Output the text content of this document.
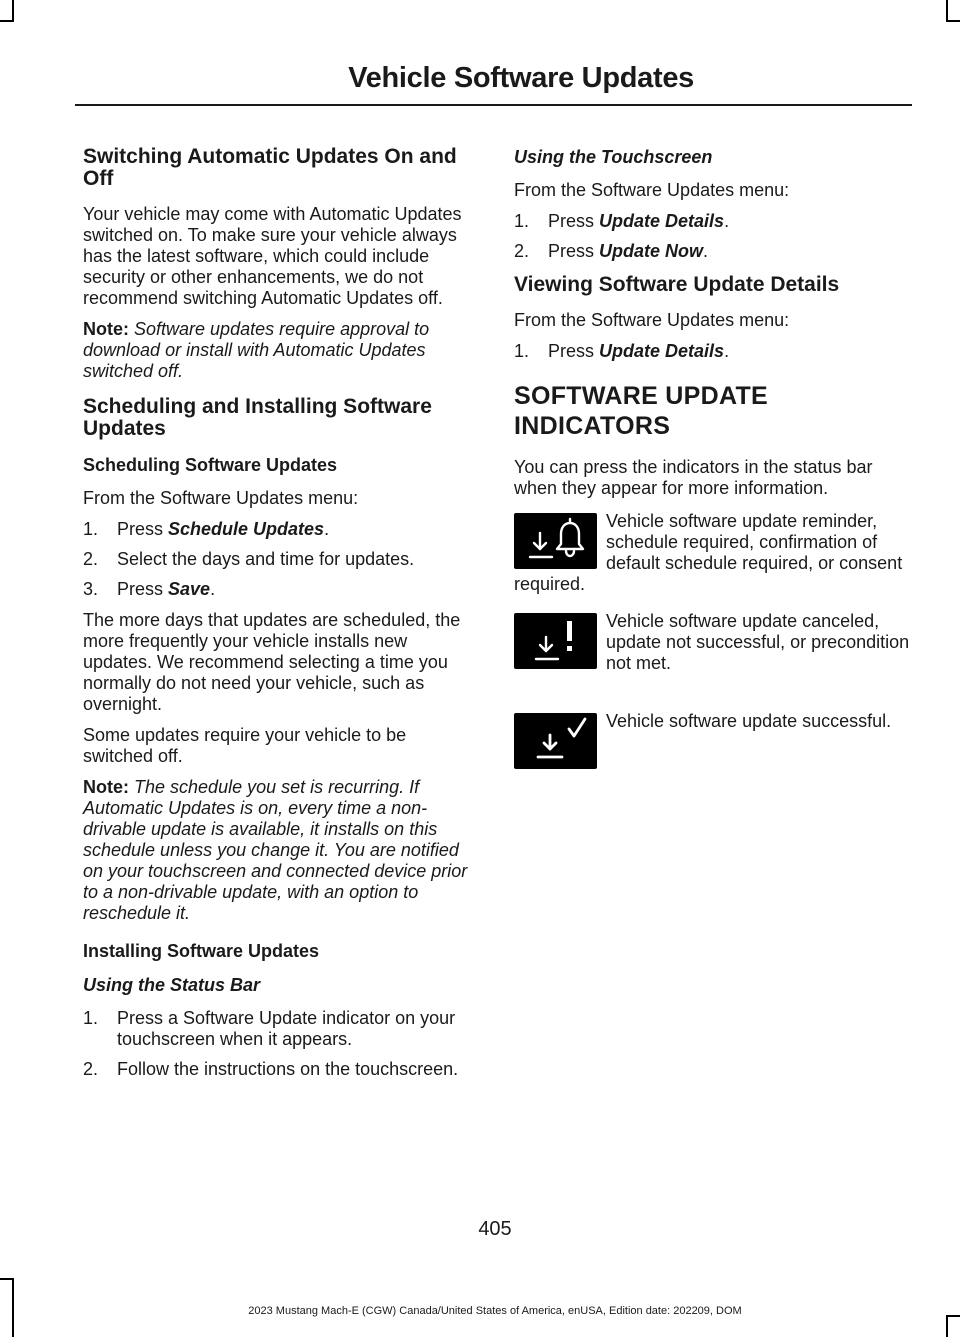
Vehicle Software Updates
Switching Automatic Updates On and Off

Your vehicle may come with Automatic Updates switched on. To make sure your vehicle always has the latest software, which could include security or other enhancements, we do not recommend switching Automatic Updates off.

Note: Software updates require approval to download or install with Automatic Updates switched off.

Scheduling and Installing Software Updates
Scheduling Software Updates

From the Software Updates menu:

1. Press Schedule Updates.
2. Select the days and time for updates.
3. Press Save.

The more days that updates are scheduled, the more frequently your vehicle installs new updates. We recommend selecting a time you normally do not need your vehicle, such as overnight.

Some updates require your vehicle to be switched off.

Note: The schedule you set is recurring. If Automatic Updates is on, every time a non-drivable update is available, it installs on this schedule unless you change it. You are notified on your touchscreen and connected device prior to a non-drivable update, with an option to reschedule it.

Installing Software Updates
Using the Status Bar
1. Press a Software Update indicator on your touchscreen when it appears.
2. Follow the instructions on the touchscreen.
Using the Touchscreen

From the Software Updates menu:

1. Press Update Details.
2. Press Update Now.
Viewing Software Update Details

From the Software Updates menu:

1. Press Update Details.
SOFTWARE UPDATE
INDICATORS

You can press the indicators in the status bar when they appear for more information.

Vehicle software update reminder, schedule required, confirmation of default schedule required, or consent required.
Vehicle software update canceled, update not successful, or precondition not met.
Vehicle software update successful.
405
2023 Mustang Mach-E (CGW) Canada/United States of America, enUSA, Edition date: 202209, DOM
